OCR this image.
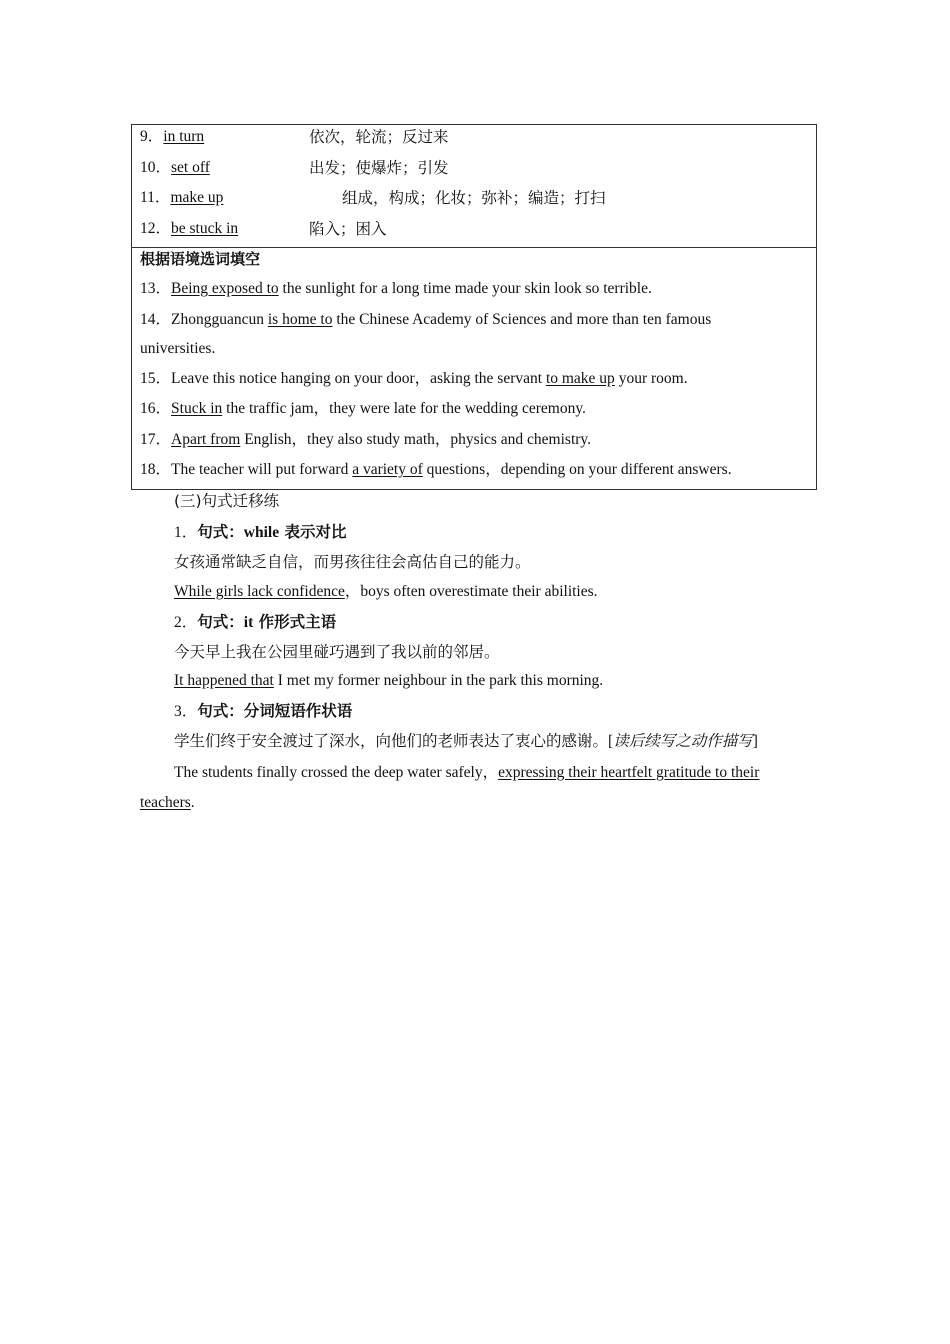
9．in turn	依次，轮流；反过来
10．set off	出发；使爆炸；引发
11．make up	组成，构成；化妆；弥补；编造；打扫
12．be stuck in	陷入；困入
根据语境选词填空
13．Being exposed to the sunlight for a long time made your skin look so terrible.
14．Zhongguancun is home to the Chinese Academy of Sciences and more than ten famous
universities.
15．Leave this notice hanging on your door，asking the servant to make up your room.
16．Stuck in the traffic jam，they were late for the wedding ceremony.
17．Apart from English，they also study math，physics and chemistry.
18．The teacher will put forward a variety of questions，depending on your different answers.
(三)句式迁移练
1．句式：while 表示对比
女孩通常缺乏自信，而男孩往往会高估自己的能力。
While girls lack confidence，boys often overestimate their abilities.
2．句式：it 作形式主语
今天早上我在公园里碰巧遇到了我以前的邻居。
It happened that I met my former neighbour in the park this morning.
3．句式：分词短语作状语
学生们终于安全渡过了深水，向他们的老师表达了衷心的感谢。[读后续写之动作描写]
The students finally crossed the deep water safely，expressing their heartfelt gratitude to their
teachers.
